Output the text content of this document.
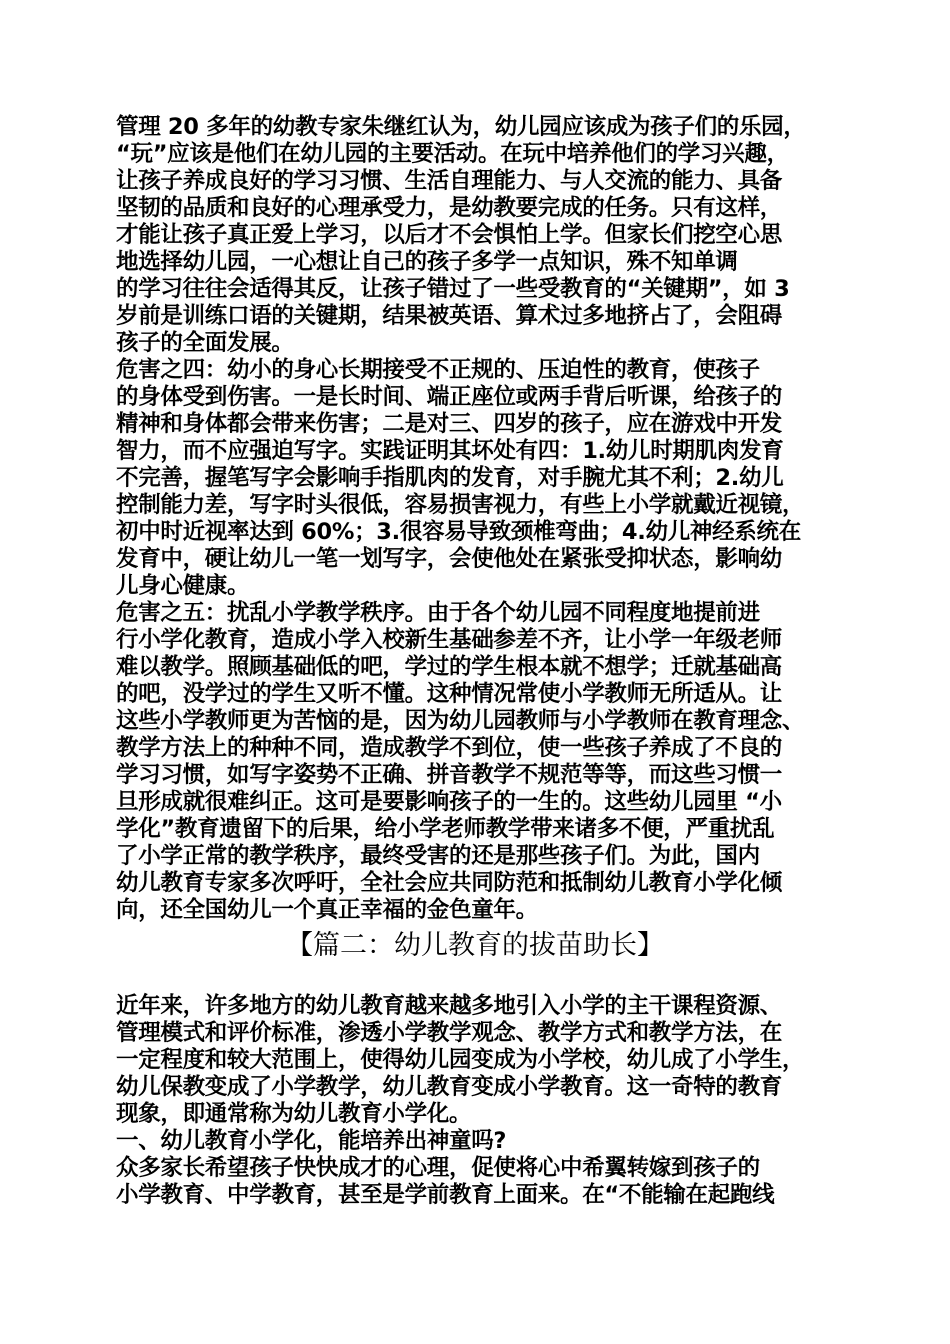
管理 20 多年的幼教专家朱继红认为，幼儿园应该成为孩子们的乐园，
“玩”应该是他们在幼儿园的主要活动。在玩中培养他们的学习兴趣，
让孩子养成良好的学习习惯、生活自理能力、与人交流的能力、具备
坚韧的品质和良好的心理承受力，是幼教要完成的任务。只有这样，
才能让孩子真正爱上学习，以后才不会惧怕上学。但家长们挖空心思
地选择幼儿园，一心想让自己的孩子多学一点知识，殊不知单调
的学习往往会适得其反，让孩子错过了一些受教育的“关键期”，如 3
岁前是训练口语的关键期，结果被英语、算术过多地挤占了，会阻碍
孩子的全面发展。
危害之四：幼小的身心长期接受不正规的、压迫性的教育，使孩子
的身体受到伤害。一是长时间、端正座位或两手背后听课，给孩子的
精神和身体都会带来伤害；二是对三、四岁的孩子，应在游戏中开发
智力，而不应强迫写字。实践证明其坏处有四：1.幼儿时期肌肉发育
不完善，握笔写字会影响手指肌肉的发育，对手腕尤其不利；2.幼儿
控制能力差，写字时头很低，容易损害视力，有些上小学就戴近视镜，
初中时近视率达到 60%；3.很容易导致颈椎弯曲；4.幼儿神经系统在
发育中，硬让幼儿一笔一划写字，会使他处在紧张受抑状态，影响幼
儿身心健康。
危害之五：扰乱小学教学秩序。由于各个幼儿园不同程度地提前进
行小学化教育，造成小学入校新生基础参差不齐，让小学一年级老师
难以教学。照顾基础低的吧，学过的学生根本就不想学；迁就基础高
的吧，没学过的学生又听不懂。这种情况常使小学教师无所适从。让
这些小学教师更为苦恼的是，因为幼儿园教师与小学教师在教育理念、
教学方法上的种种不同，造成教学不到位，使一些孩子养成了不良的
学习习惯，如写字姿势不正确、拼音教学不规范等等，而这些习惯一
旦形成就很难纠正。这可是要影响孩子的一生的。这些幼儿园里 “小
学化”教育遗留下的后果，给小学老师教学带来诸多不便，严重扰乱
了小学正常的教学秩序，最终受害的还是那些孩子们。为此，国内
幼儿教育专家多次呼吁，全社会应共同防范和抵制幼儿教育小学化倾
向，还全国幼儿一个真正幸福的金色童年。
【篇二：幼儿教育的拔苗助长】
近年来，许多地方的幼儿教育越来越多地引入小学的主干课程资源、
管理模式和评价标准，渗透小学教学观念、教学方式和教学方法，在
一定程度和较大范围上，使得幼儿园变成为小学校，幼儿成了小学生，
幼儿保教变成了小学教学，幼儿教育变成小学教育。这一奇特的教育
现象，即通常称为幼儿教育小学化。
一、幼儿教育小学化，能培养出神童吗?
众多家长希望孩子快快成才的心理，促使将心中希翼转嫁到孩子的
小学教育、中学教育，甚至是学前教育上面来。在“不能输在起跑线
